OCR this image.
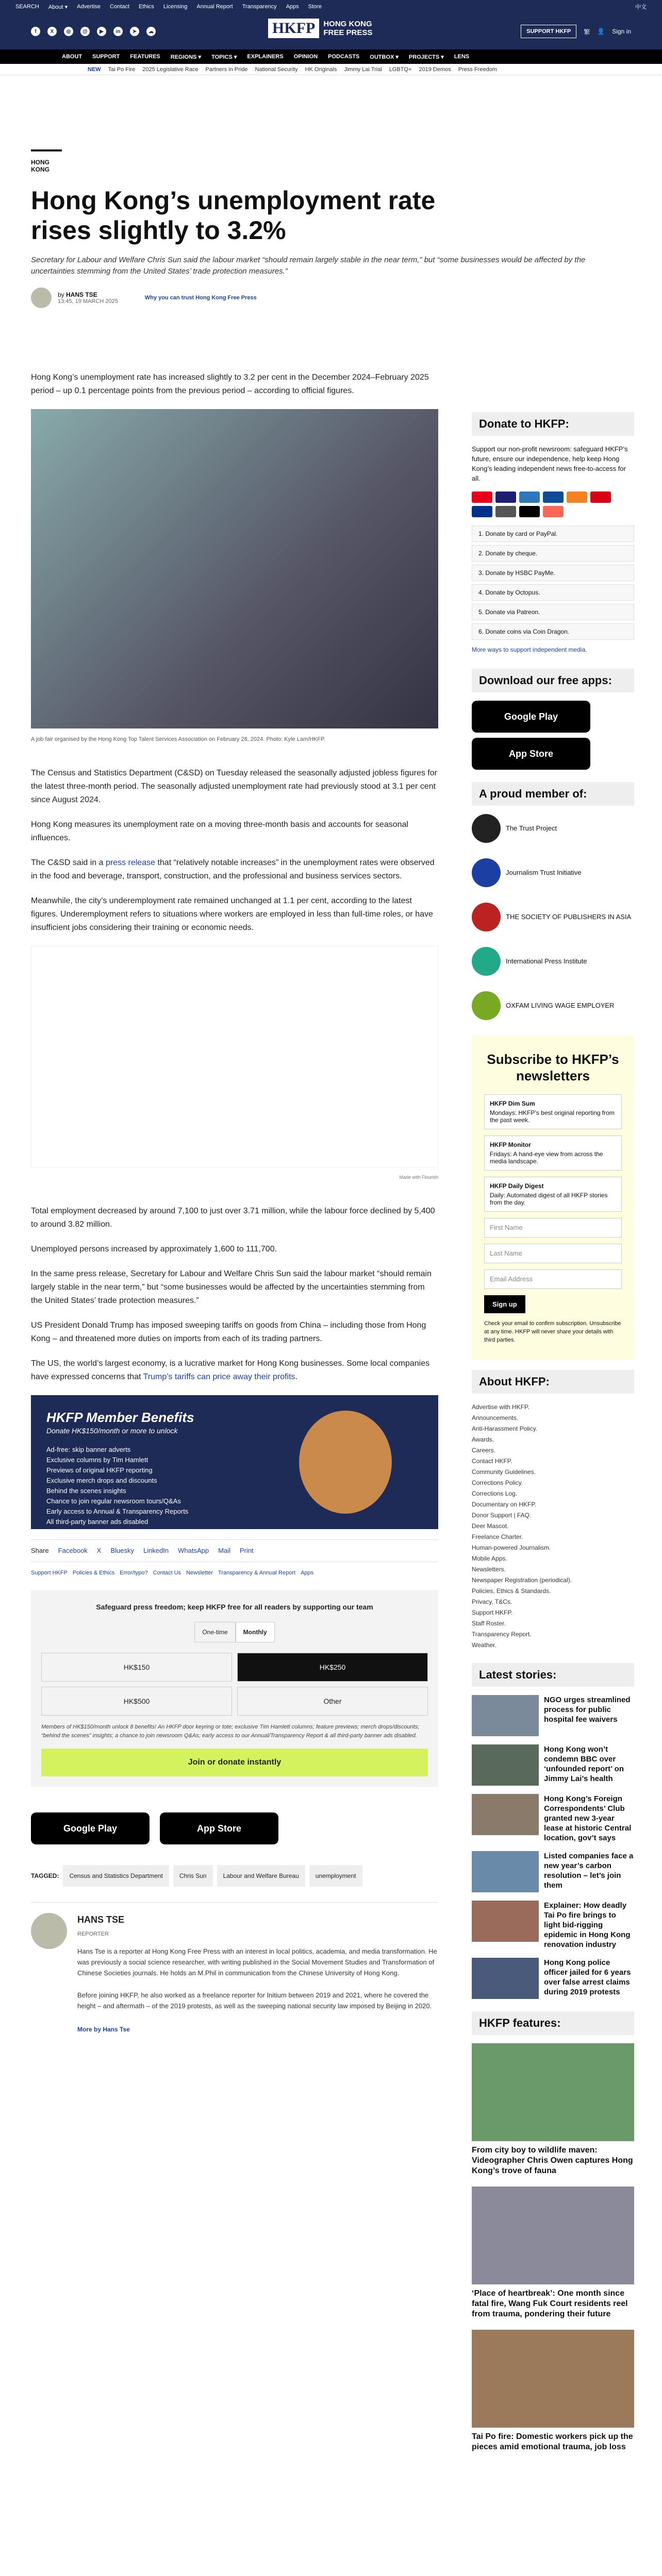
SEARCH About ▾ Advertise Contact Ethics Licensing Annual Report Transparency Apps Store	中文
f	X	◎	@	▶	in	➤	☁	HKFP	HONG KONG
FREE PRESS	SUPPORT HKFP	繁 👤 Sign in
ABOUT SUPPORT FEATURES REGIONS ▾ TOPICS ▾ EXPLAINERS OPINION PODCASTS OUTBOX ▾ PROJECTS ▾ LENS
NEW Tai Po Fire 2025 Legislative Race Partners in Pride National Security HK Originals Jimmy Lai Trial LGBTQ+ 2019 Demos Press Freedom
HONG KONG
Hong Kong’s unemployment rate rises slightly to 3.2%
Secretary for Labour and Welfare Chris Sun said the labour market “should remain largely stable in the near term,” but “some businesses would be affected by the uncertainties stemming from the United States’ trade protection measures.”
by HANS TSE
13:45, 19 MARCH 2025
Why you can trust Hong Kong Free Press

Hong Kong’s unemployment rate has increased slightly to 3.2 per cent in the December 2024–February 2025 period – up 0.1 percentage points from the previous period – according to official figures.

A job fair organised by the Hong Kong Top Talent Services Association on February 28, 2024. Photo: Kyle Lam/HKFP.

The Census and Statistics Department (C&SD) on Tuesday released the seasonally adjusted jobless figures for the latest three-month period. The seasonally adjusted unemployment rate had previously stood at 3.1 per cent since August 2024.

Hong Kong measures its unemployment rate on a moving three-month basis and accounts for seasonal influences.

The C&SD said in a press release that “relatively notable increases” in the unemployment rates were observed in the food and beverage, transport, construction, and the professional and business services sectors.

Meanwhile, the city’s underemployment rate remained unchanged at 1.1 per cent, according to the latest figures. Underemployment refers to situations where workers are employed in less than full-time roles, or have insufficient jobs considering their training or economic needs.

Made with Flourish

Total employment decreased by around 7,100 to just over 3.71 million, while the labour force declined by 5,400 to around 3.82 million.

Unemployed persons increased by approximately 1,600 to 111,700.

In the same press release, Secretary for Labour and Welfare Chris Sun said the labour market “should remain largely stable in the near term,” but “some businesses would be affected by the uncertainties stemming from the United States’ trade protection measures.”

US President Donald Trump has imposed sweeping tariffs on goods from China – including those from Hong Kong – and threatened more duties on imports from each of its trading partners.

The US, the world’s largest economy, is a lucrative market for Hong Kong businesses. Some local companies have expressed concerns that Trump’s tariffs can price away their profits.

HKFP Member Benefits
Donate HK$150/month or more to unlock
Ad-free: skip banner adverts
Exclusive columns by Tim Hamlett
Previews of original HKFP reporting
Exclusive merch drops and discounts
Behind the scenes insights
Chance to join regular newsroom tours/Q&As
Early access to Annual & Transparency Reports
All third-party banner ads disabled
Share Facebook X Bluesky LinkedIn WhatsApp Mail Print
Support HKFP Policies & Ethics Error/typo? Contact Us Newsletter Transparency & Annual Report Apps
Safeguard press freedom; keep HKFP free for all readers by supporting our team
One-time	Monthly
HK$150	HK$250
HK$500	Other
Members of HK$150/month unlock 8 benefits! An HKFP door keyring or tote; exclusive Tim Hamlett columns; feature previews; merch drops/discounts; “behind the scenes” insights; a chance to join newsroom Q&As; early access to our Annual/Transparency Report & all third-party banner ads disabled.
Join or donate instantly
Google Play	App Store
TAGGED:	Census and Statistics Department	Chris Sun	Labour and Welfare Bureau	unemployment
HANS TSE
REPORTER

Hans Tse is a reporter at Hong Kong Free Press with an interest in local politics, academia, and media transformation. He was previously a social science researcher, with writing published in the Social Movement Studies and Transformation of Chinese Societies journals. He holds an M.Phil in communication from the Chinese University of Hong Kong.

Before joining HKFP, he also worked as a freelance reporter for Initium between 2019 and 2021, where he covered the height – and aftermath – of the 2019 protests, as well as the sweeping national security law imposed by Beijing in 2020.

More by Hans Tse
Donate to HKFP:
Support our non-profit newsroom: safeguard HKFP’s future, ensure our independence, help keep Hong Kong’s leading independent news free-to-access for all.
1. Donate by card or PayPal.
2. Donate by cheque.
3. Donate by HSBC PayMe.
4. Donate by Octopus.
5. Donate via Patreon.
6. Donate coins via Coin Dragon.
More ways to support independent media.
Download our free apps:
Google Play
App Store
A proud member of:
The Trust Project
Journalism Trust Initiative
THE SOCIETY OF PUBLISHERS IN ASIA
International Press Institute
OXFAM LIVING WAGE EMPLOYER
Subscribe to HKFP’s newsletters
HKFP Dim Sum
Mondays: HKFP’s best original reporting from the past week.
HKFP Monitor
Fridays: A hand-eye view from across the media landscape.
HKFP Daily Digest
Daily: Automated digest of all HKFP stories from the day.
First Name
Last Name
Email Address
Sign up
Check your email to confirm subscription. Unsubscribe at any time. HKFP will never share your details with third parties.
About HKFP:
Advertise with HKFP.
Announcements.
Anti-Harassment Policy.
Awards.
Careers.
Contact HKFP.
Community Guidelines.
Corrections Policy.
Corrections Log.
Documentary on HKFP.
Donor Support | FAQ.
Deer Mascot.
Freelance Charter.
Human-powered Journalism.
Mobile Apps.
Newsletters.
Newspaper Registration (periodical).
Policies, Ethics & Standards.
Privacy, T&Cs.
Support HKFP.
Staff Roster.
Transparency Report.
Weather.
Latest stories:
NGO urges streamlined process for public hospital fee waivers
Hong Kong won’t condemn BBC over ‘unfounded report’ on Jimmy Lai’s health
Hong Kong’s Foreign Correspondents’ Club granted new 3-year lease at historic Central location, gov’t says
Listed companies face a new year’s carbon resolution – let’s join them
Explainer: How deadly Tai Po fire brings to light bid-rigging epidemic in Hong Kong renovation industry
Hong Kong police officer jailed for 6 years over false arrest claims during 2019 protests
HKFP features:
From city boy to wildlife maven: Videographer Chris Owen captures Hong Kong’s trove of fauna
‘Place of heartbreak’: One month since fatal fire, Wang Fuk Court residents reel from trauma, pondering their future
Tai Po fire: Domestic workers pick up the pieces amid emotional trauma, job loss
